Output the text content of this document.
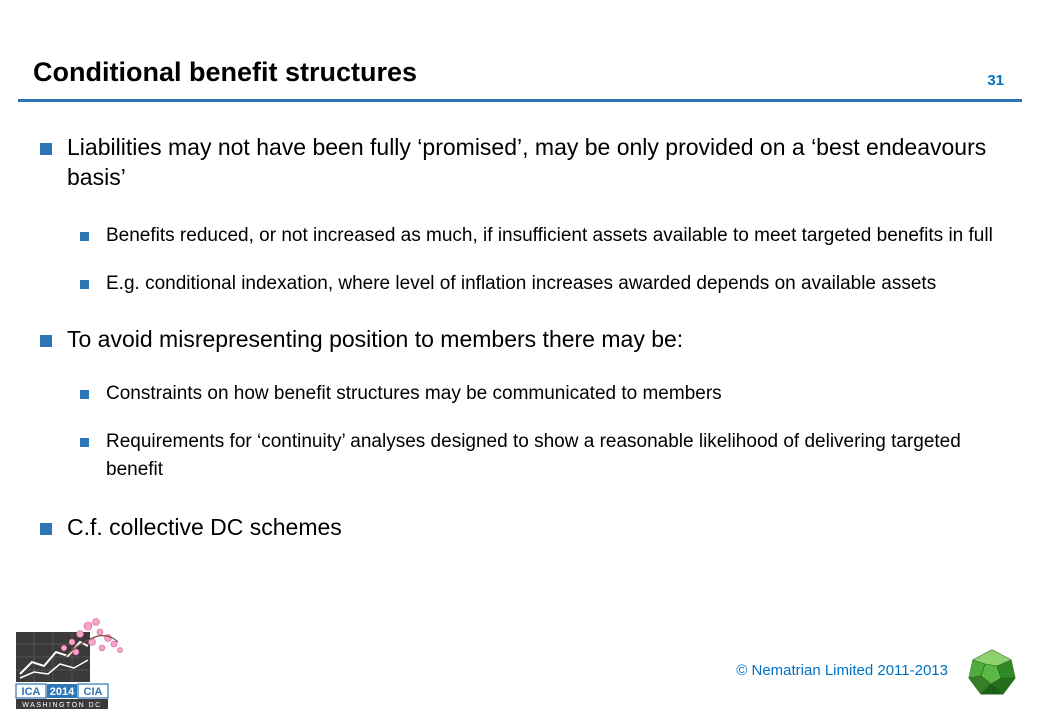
Conditional benefit structures	31
Liabilities may not have been fully ‘promised’, may be only provided on a ‘best endeavours basis’
Benefits reduced, or not increased as much, if insufficient assets available to meet targeted benefits in full
E.g. conditional indexation, where level of inflation increases awarded depends on available assets
To avoid misrepresenting position to members there may be:
Constraints on how benefit structures may be communicated to members
Requirements for ‘continuity’ analyses designed to show a reasonable likelihood of delivering targeted benefit
C.f. collective DC schemes
ICA 2014 CIA
WASHINGTON DC
© Nematrian Limited 2011-2013
